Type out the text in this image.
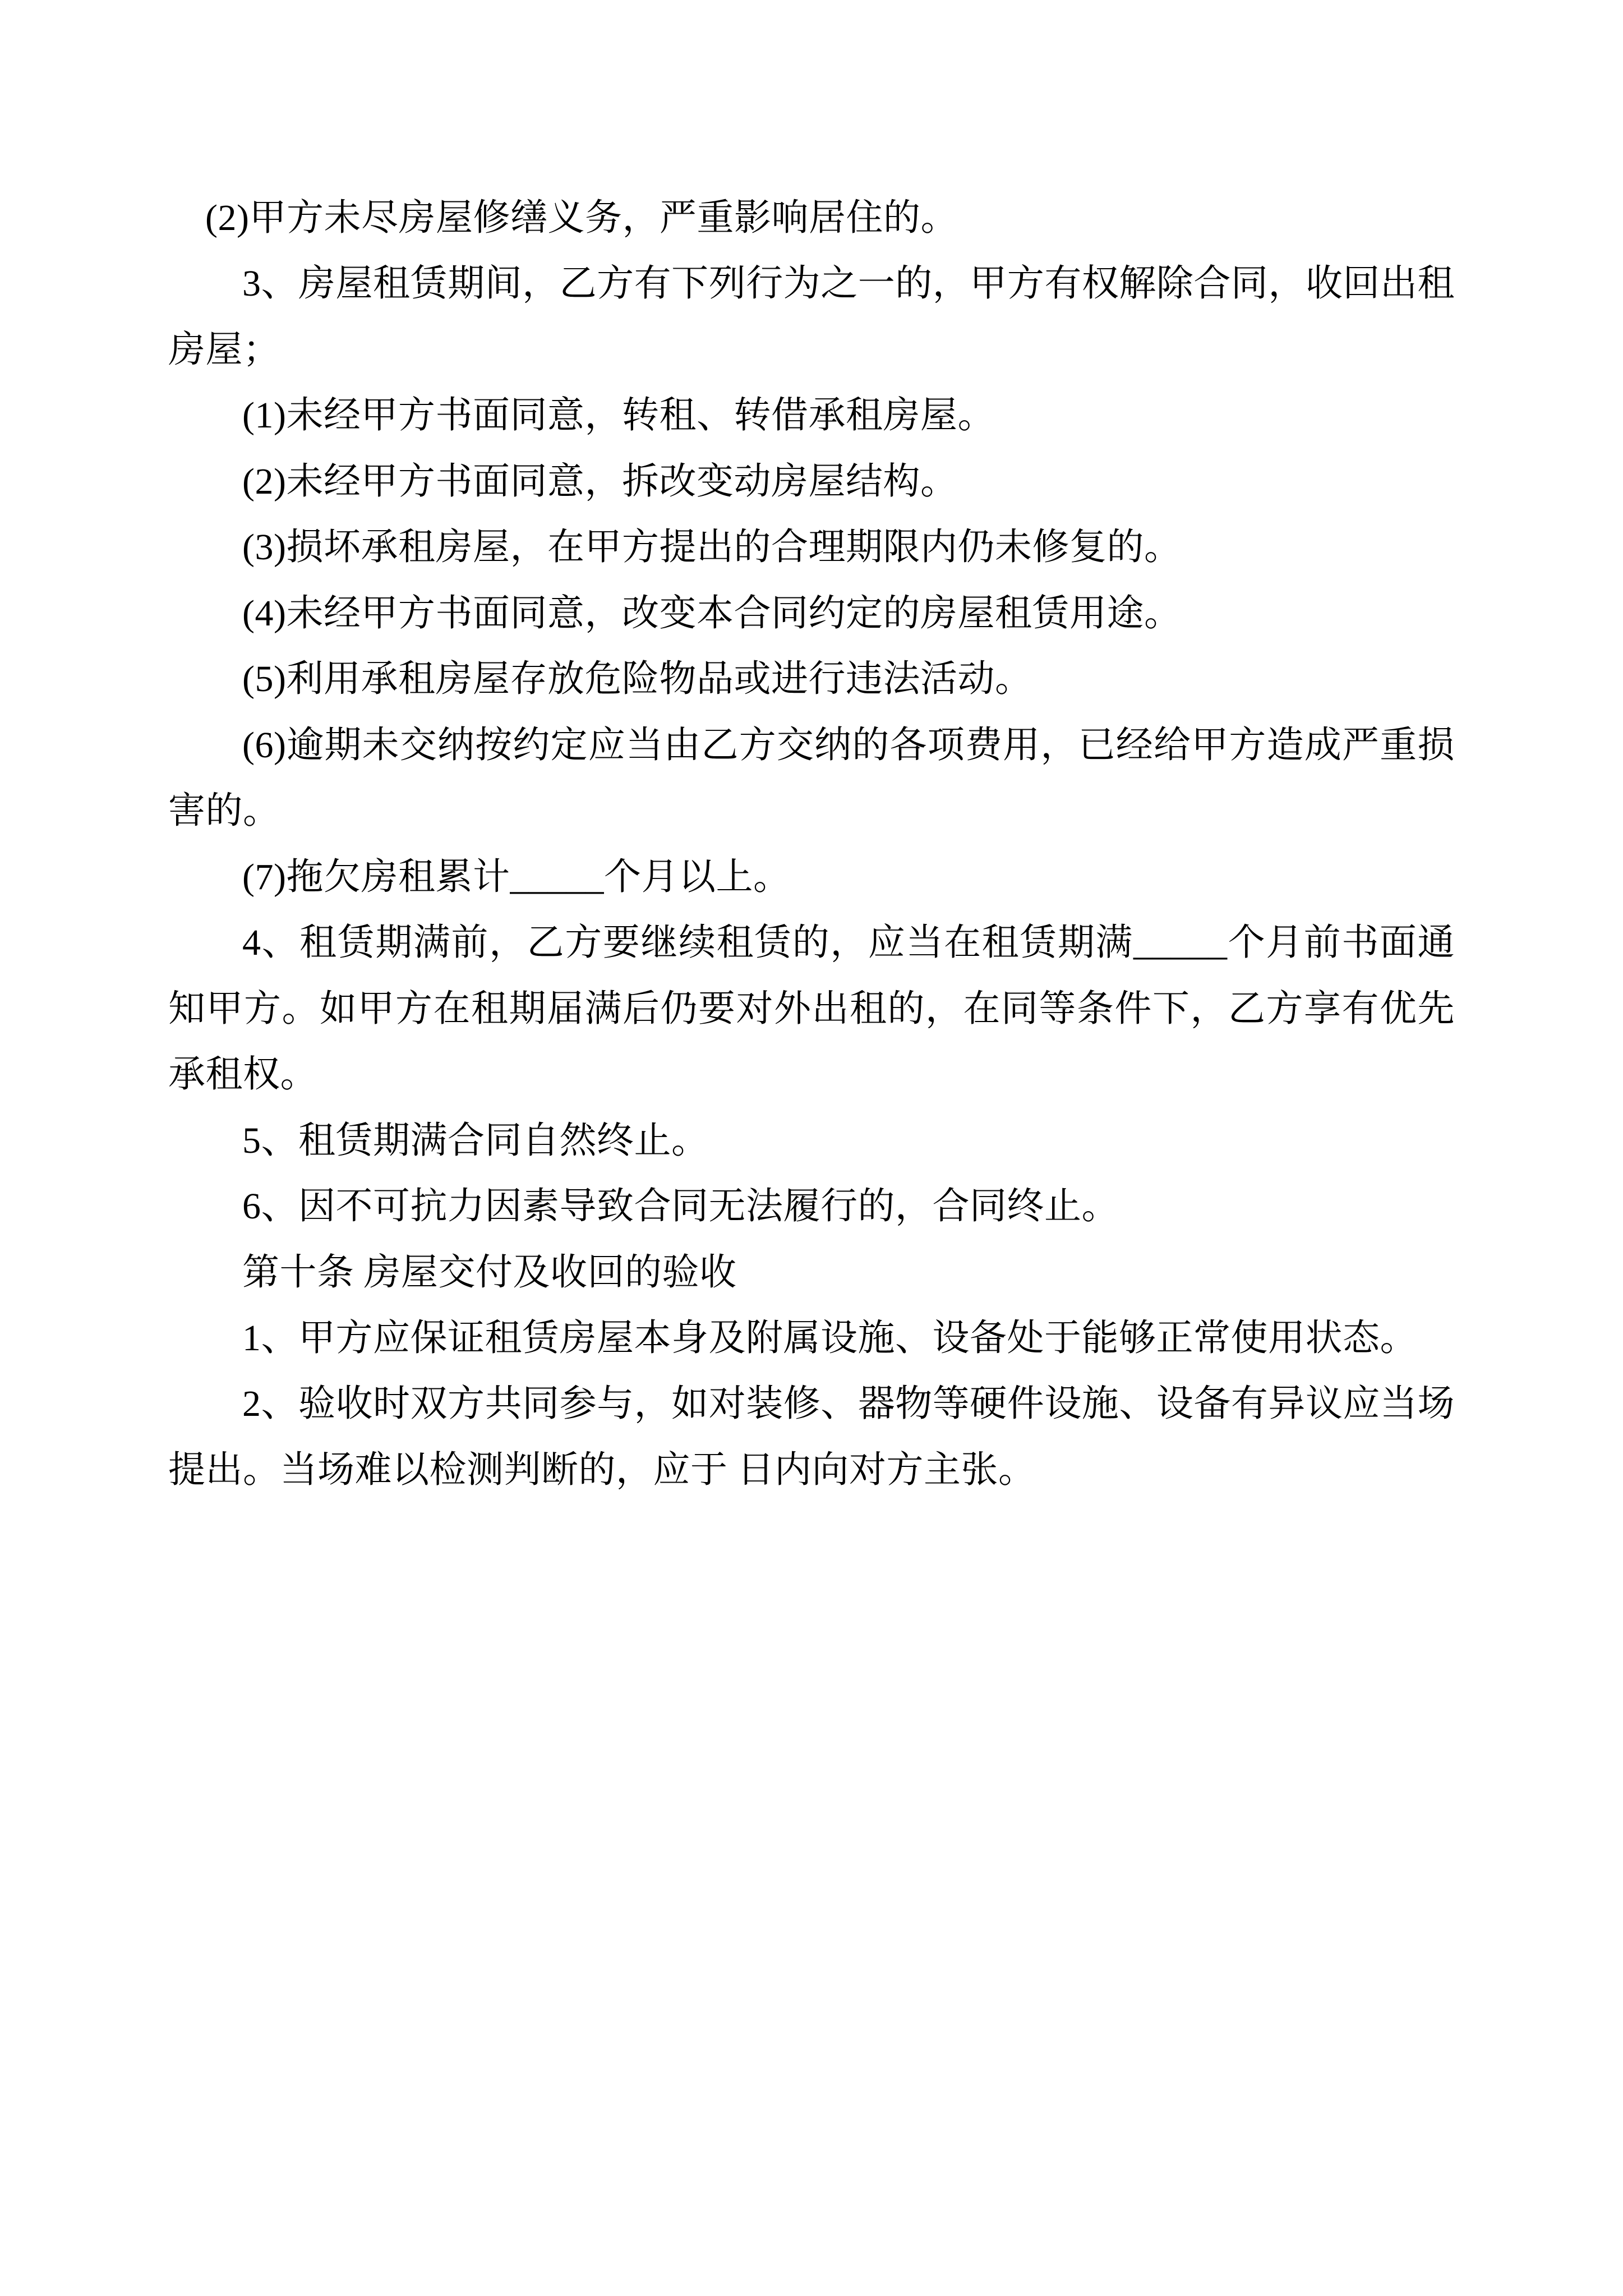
(2)甲方未尽房屋修缮义务，严重影响居住的。

3、房屋租赁期间，乙方有下列行为之一的，甲方有权解除合同，收回出租房屋；

(1)未经甲方书面同意，转租、转借承租房屋。

(2)未经甲方书面同意，拆改变动房屋结构。

(3)损坏承租房屋，在甲方提出的合理期限内仍未修复的。

(4)未经甲方书面同意，改变本合同约定的房屋租赁用途。

(5)利用承租房屋存放危险物品或进行违法活动。

(6)逾期未交纳按约定应当由乙方交纳的各项费用，已经给甲方造成严重损害的。

(7)拖欠房租累计_____个月以上。

4、租赁期满前，乙方要继续租赁的，应当在租赁期满_____个月前书面通知甲方。如甲方在租期届满后仍要对外出租的，在同等条件下，乙方享有优先承租权。

5、租赁期满合同自然终止。

6、因不可抗力因素导致合同无法履行的，合同终止。

第十条 房屋交付及收回的验收

1、甲方应保证租赁房屋本身及附属设施、设备处于能够正常使用状态。

2、验收时双方共同参与，如对装修、器物等硬件设施、设备有异议应当场提出。当场难以检测判断的，应于 日内向对方主张。
